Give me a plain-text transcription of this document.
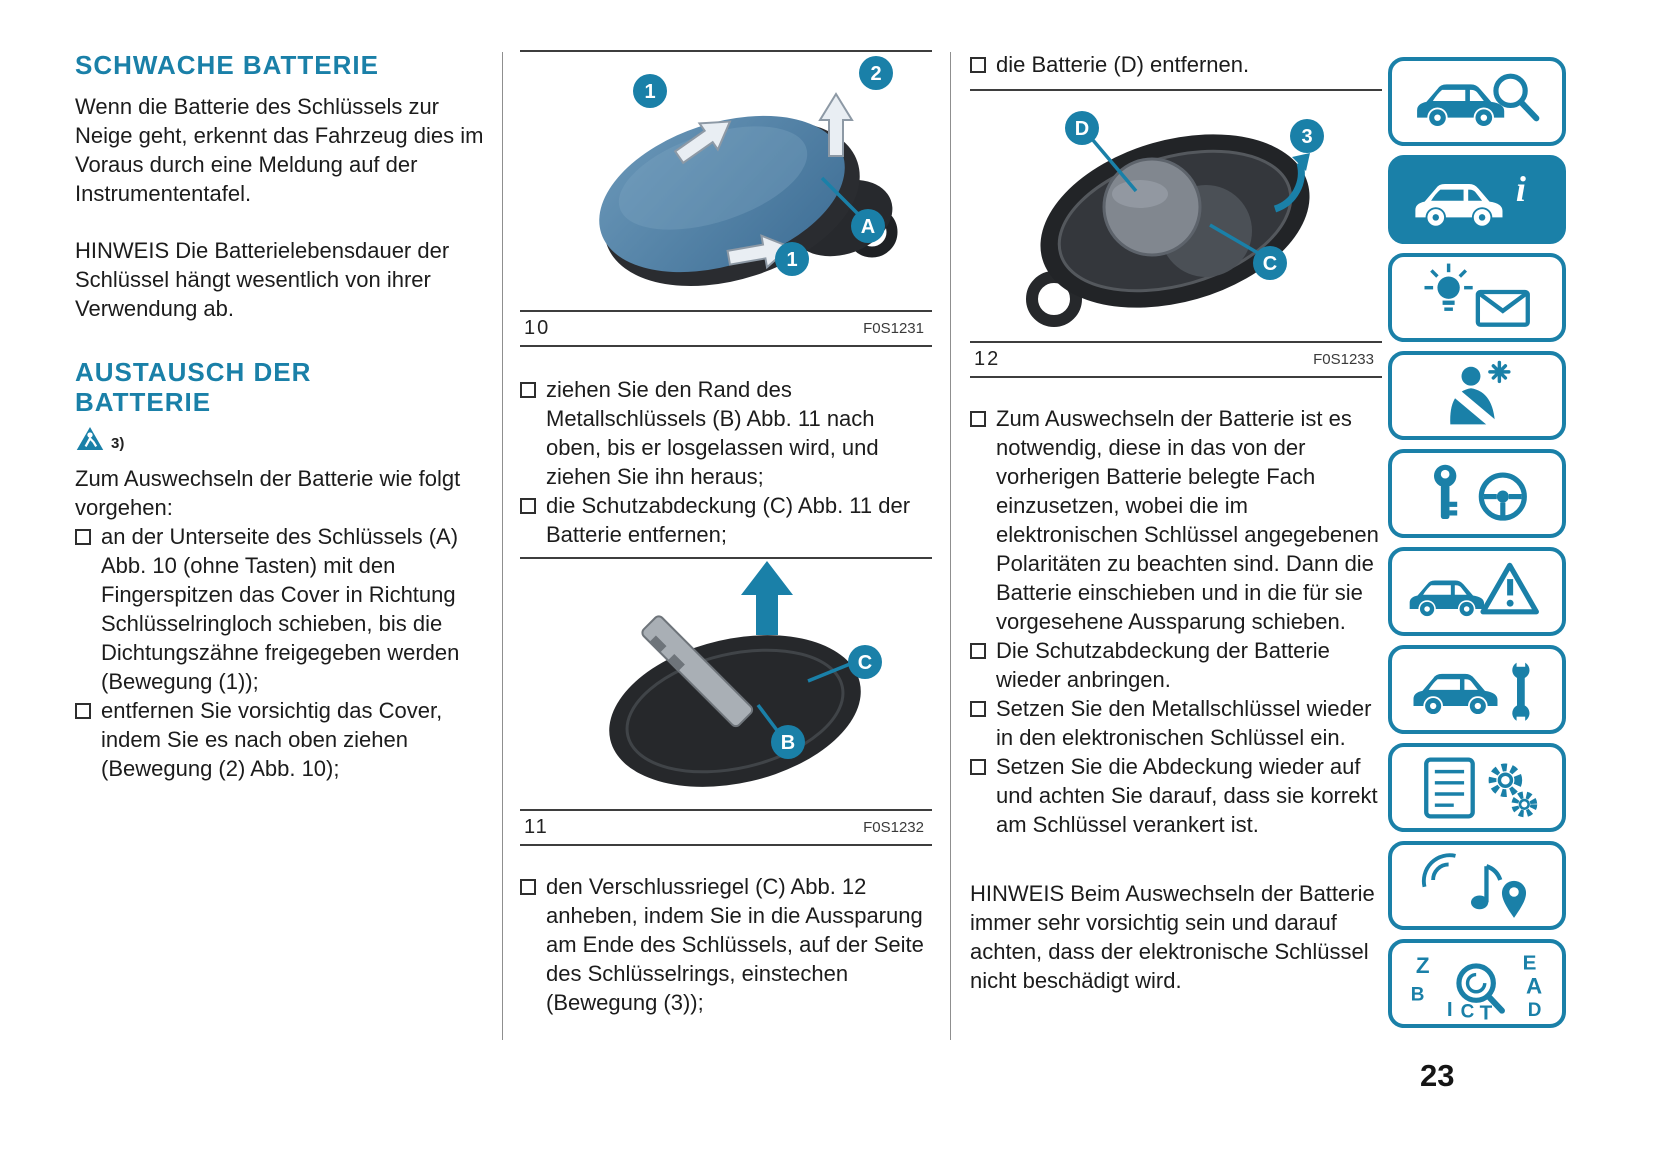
SCHWACHE BATTERIE

Wenn die Batterie des Schlüssels zur Neige geht, erkennt das Fahrzeug dies im Voraus durch eine Meldung auf der Instrumententafel.

HINWEIS Die Batterielebensdauer der Schlüssel hängt wesentlich von ihrer Verwendung ab.

AUSTAUSCH DER BATTERIE
3)

Zum Auswechseln der Batterie wie folgt vorgehen:

an der Unterseite des Schlüssels (A) Abb. 10 (ohne Tasten) mit den Fingerspitzen das Cover in Richtung Schlüsselringloch schieben, bis die Dichtungszähne freigegeben werden (Bewegung (1));
entfernen Sie vorsichtig das Cover, indem Sie es nach oben ziehen (Bewegung (2) Abb. 10);
1
2
A
1
10	F0S1231
ziehen Sie den Rand des Metallschlüssels (B) Abb. 11 nach oben, bis er losgelassen wird, und ziehen Sie ihn heraus;
die Schutzabdeckung (C) Abb. 11 der Batterie entfernen;
C
B
11	F0S1232
den Verschlussriegel (C) Abb. 12 anheben, indem Sie in die Aussparung am Ende des Schlüssels, auf der Seite des Schlüsselrings, einstechen (Bewegung (3));
die Batterie (D) entfernen.
D	3
C
12	F0S1233
Zum Auswechseln der Batterie ist es notwendig, diese in das von der vorherigen Batterie belegte Fach einzusetzen, wobei die im elektronischen Schlüssel angegebenen Polaritäten zu beachten sind. Dann die Batterie einschieben und in die für sie vorgesehene Aussparung schieben.
Die Schutzabdeckung der Batterie wieder anbringen.
Setzen Sie den Metallschlüssel wieder in den elektronischen Schlüssel ein.
Setzen Sie die Abdeckung wieder auf und achten Sie darauf, dass sie korrekt am Schlüssel verankert ist.

HINWEIS Beim Auswechseln der Batterie immer sehr vorsichtig sein und darauf achten, dass der elektronische Schlüssel nicht beschädigt wird.

i
Z	E
B	A
I C T D
23
